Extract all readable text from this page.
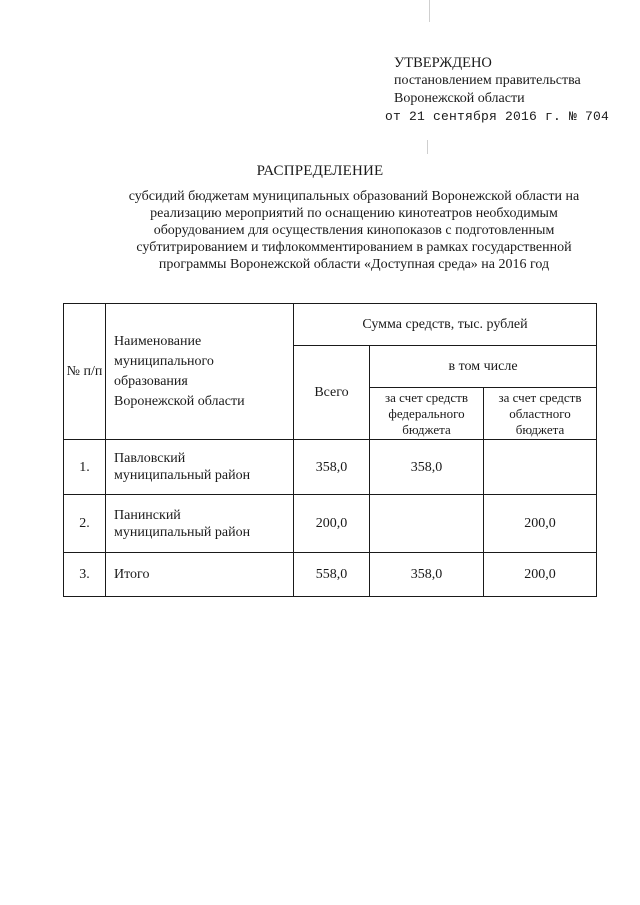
УТВЕРЖДЕНО
постановлением правительства
Воронежской области
от 21 сентября 2016 г. № 704
РАСПРЕДЕЛЕНИЕ
субсидий бюджетам муниципальных образований Воронежской области на
реализацию мероприятий по оснащению кинотеатров необходимым
оборудованием для осуществления кинопоказов с подготовленным
субтитрированием и тифлокомментированием в рамках государственной
программы Воронежской области «Доступная среда» на 2016 год
№ п/п	Наименование муниципального образования Воронежской области	Сумма средств, тыс. рублей		
		Всего	в том числе	
			за счет средств федерального бюджета	за счет средств областного бюджета
1.	Павловский муниципальный район	358,0	358,0	
2.	Панинский муниципальный район	200,0		200,0
3.	Итого	558,0	358,0	200,0
